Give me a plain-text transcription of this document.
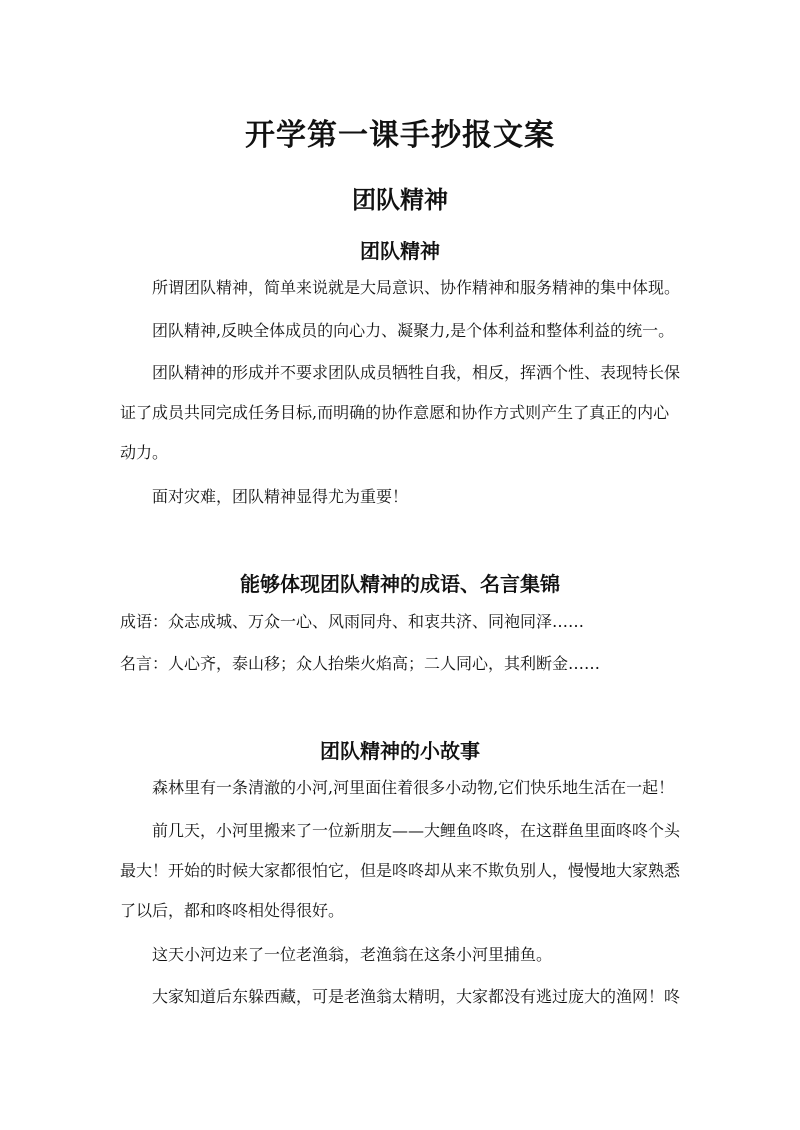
开学第一课手抄报文案
团队精神
团队精神

所谓团队精神，简单来说就是大局意识、协作精神和服务精神的集中体现。

团队精神,反映全体成员的向心力、凝聚力,是个体利益和整体利益的统一。

团队精神的形成并不要求团队成员牺牲自我，相反，挥洒个性、表现特长保证了成员共同完成任务目标,而明确的协作意愿和协作方式则产生了真正的内心动力。

面对灾难，团队精神显得尤为重要！

能够体现团队精神的成语、名言集锦

成语：众志成城、万众一心、风雨同舟、和衷共济、同袍同泽……

名言：人心齐，泰山移；众人抬柴火焰高；二人同心，其利断金……

团队精神的小故事

森林里有一条清澈的小河,河里面住着很多小动物,它们快乐地生活在一起！

前几天，小河里搬来了一位新朋友——大鲤鱼咚咚，在这群鱼里面咚咚个头最大！开始的时候大家都很怕它，但是咚咚却从来不欺负别人，慢慢地大家熟悉了以后，都和咚咚相处得很好。

这天小河边来了一位老渔翁，老渔翁在这条小河里捕鱼。

大家知道后东躲西藏，可是老渔翁太精明，大家都没有逃过庞大的渔网！咚
